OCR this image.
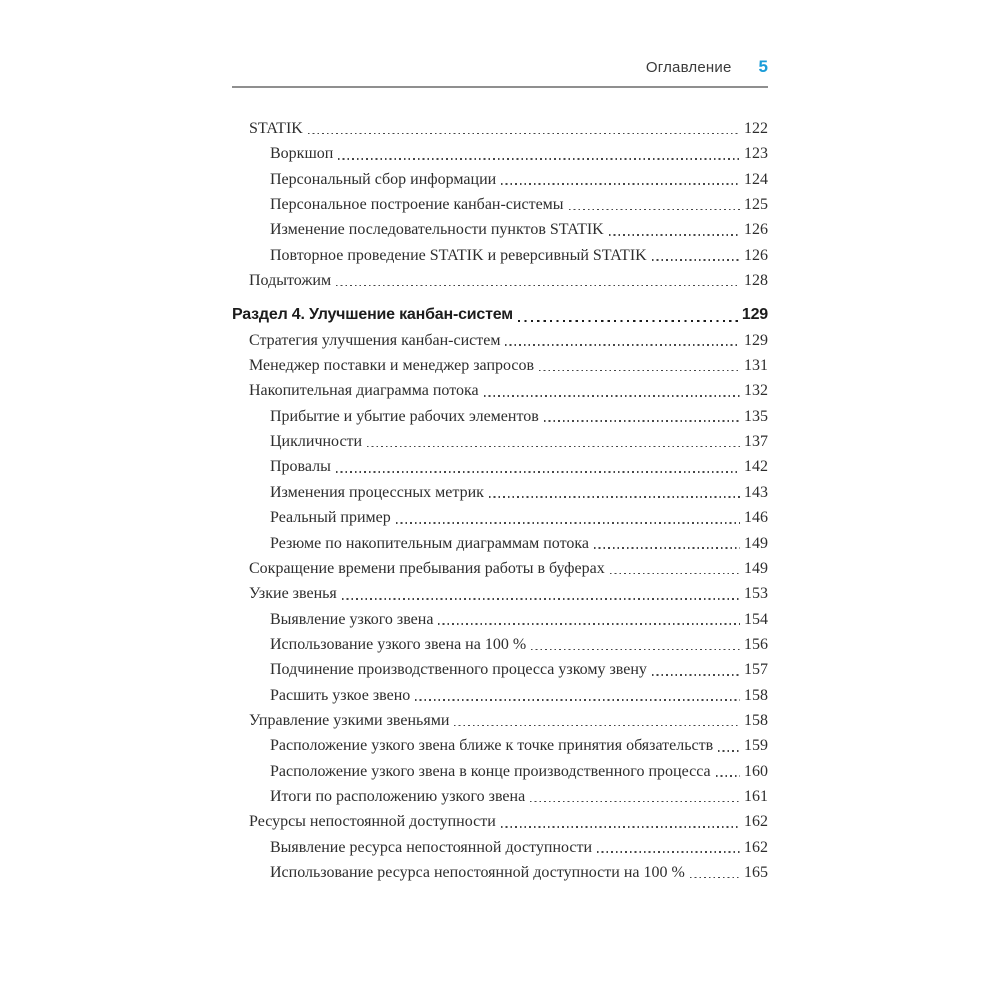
Оглавление 5
STATIK	122
Воркшоп	123
Персональный сбор информации	124
Персональное построение канбан-системы	125
Изменение последовательности пунктов STATIK	126
Повторное проведение STATIK и реверсивный STATIK	126
Подытожим	128
Раздел 4. Улучшение канбан-систем	129
Стратегия улучшения канбан-систем	129
Менеджер поставки и менеджер запросов	131
Накопительная диаграмма потока	132
Прибытие и убытие рабочих элементов	135
Цикличности	137
Провалы	142
Изменения процессных метрик	143
Реальный пример	146
Резюме по накопительным диаграммам потока	149
Сокращение времени пребывания работы в буферах	149
Узкие звенья	153
Выявление узкого звена	154
Использование узкого звена на 100 %	156
Подчинение производственного процесса узкому звену	157
Расшить узкое звено	158
Управление узкими звеньями	158
Расположение узкого звена ближе к точке принятия обязательств 159
Расположение узкого звена в конце производственного процесса 160
Итоги по расположению узкого звена	161
Ресурсы непостоянной доступности	162
Выявление ресурса непостоянной доступности	162
Использование ресурса непостоянной доступности на 100 %	165
